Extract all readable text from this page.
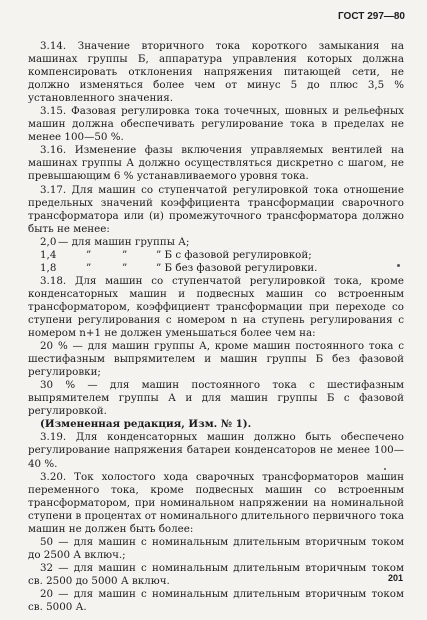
ГОСТ 297—80

3.14. Значение вторичного тока короткого замыкания на машинах группы Б, аппаратура управления которых должна компенсировать отклонения напряжения питающей сети, не должно изменяться более чем от минус 5 до плюс 3,5 % установленного значения.

3.15. Фазовая регулировка тока точечных, шовных и рельефных машин должна обеспечивать регулирование тока в пределах не менее 100—50 %.

3.16. Изменение фазы включения управляемых вентилей на машинах группы А должно осуществляться дискретно с шагом, не превышающим 6 % устанавливаемого уровня тока.

3.17. Для машин со ступенчатой регулировкой тока отношение предельных значений коэффициента трансформации сварочного трансформатора или (и) промежуточного трансформатора должно быть не менее:

2,0 — для машин группы А;
1,4	”	”	” Б с фазовой регулировкой;
1,8	”	”	” Б без фазовой регулировки.

3.18. Для машин со ступенчатой регулировкой тока, кроме конденсаторных машин и подвесных машин со встроенным трансформатором, коэффициент трансформации при переходе со ступени регулирования с номером n на ступень регулирования с номером n+1 не должен уменьшаться более чем на:

20 % — для машин группы А, кроме машин постоянного тока с шестифазным выпрямителем и машин группы Б без фазовой регулировки;

30 % — для машин постоянного тока с шестифазным выпрямителем группы А и для машин группы Б с фазовой регулировкой.

(Измененная редакция, Изм. № 1).

3.19. Для конденсаторных машин должно быть обеспечено регулирование напряжения батареи конденсаторов не менее 100—40 %.

3.20. Ток холостого хода сварочных трансформаторов машин переменного тока, кроме подвесных машин со встроенным трансформатором, при номинальном напряжении на номинальной ступени в процентах от номинального длительного первичного тока машин не должен быть более:

50 — для машин с номинальным длительным вторичным током до 2500 А включ.;

32 — для машин с номинальным длительным вторичным током св. 2500 до 5000 А включ.

20 — для машин с номинальным длительным вторичным током св. 5000 А.

201
